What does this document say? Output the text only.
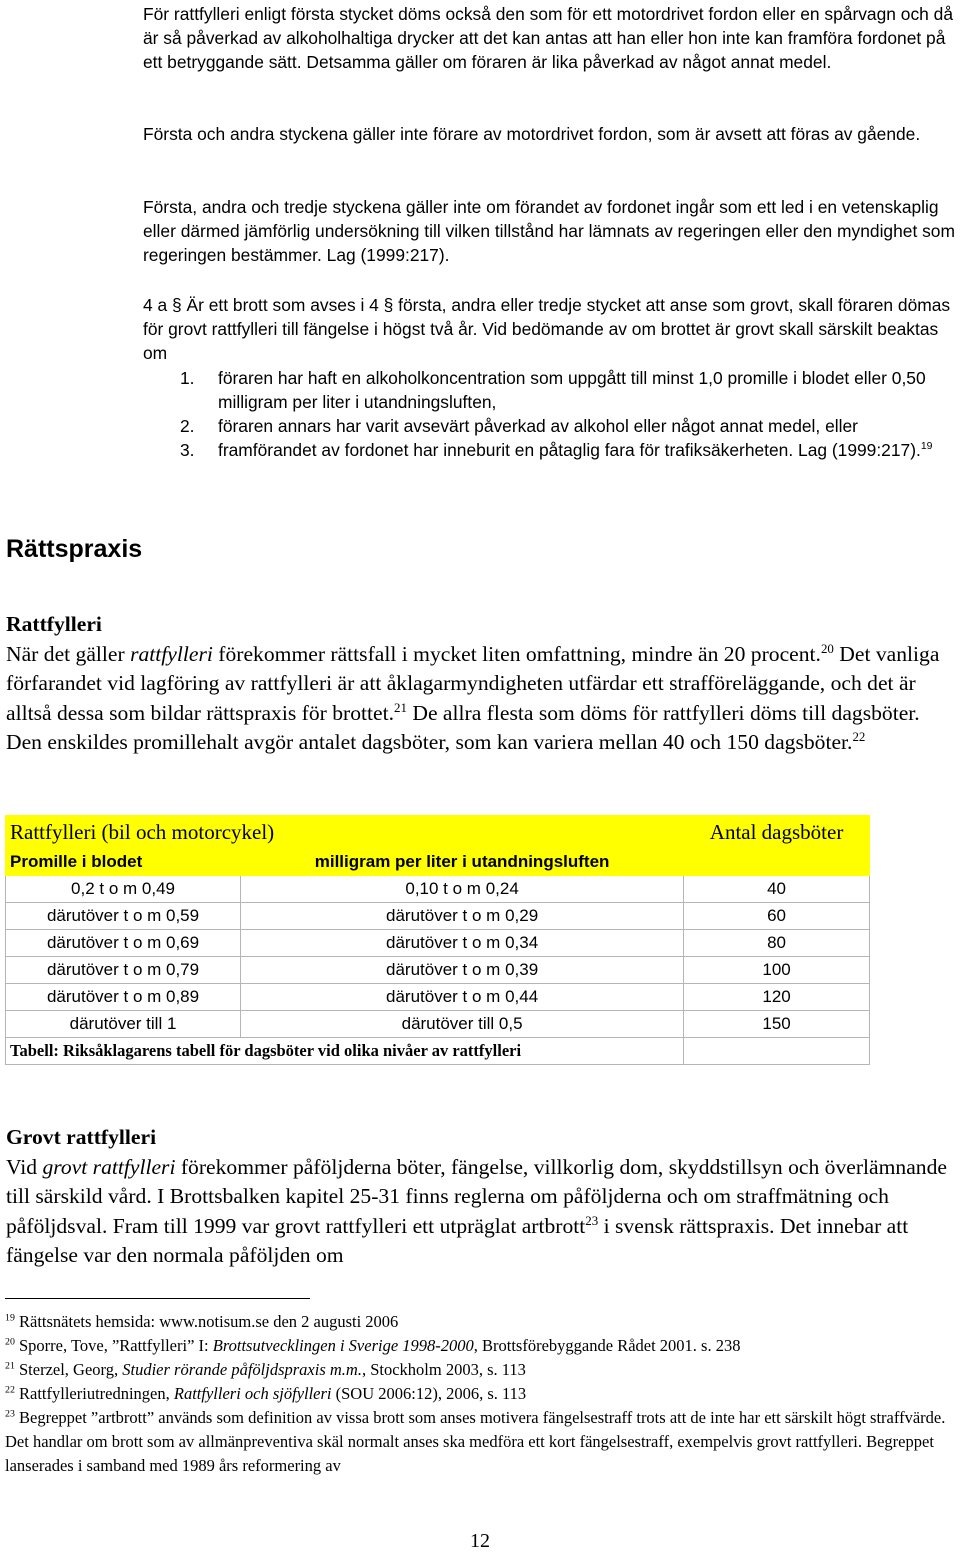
För rattfylleri enligt första stycket döms också den som för ett motordrivet fordon eller en spårvagn och då är så påverkad av alkoholhaltiga drycker att det kan antas att han eller hon inte kan framföra fordonet på ett betryggande sätt. Detsamma gäller om föraren är lika påverkad av något annat medel.

Första och andra styckena gäller inte förare av motordrivet fordon, som är avsett att föras av gående.

Första, andra och tredje styckena gäller inte om förandet av fordonet ingår som ett led i en vetenskaplig eller därmed jämförlig undersökning till vilken tillstånd har lämnats av regeringen eller den myndighet som regeringen bestämmer. Lag (1999:217).

4 a § Är ett brott som avses i 4 § första, andra eller tredje stycket att anse som grovt, skall föraren dömas för grovt rattfylleri till fängelse i högst två år. Vid bedömande av om brottet är grovt skall särskilt beaktas om

1. föraren har haft en alkoholkoncentration som uppgått till minst 1,0 promille i blodet eller 0,50 milligram per liter i utandningsluften,
2. föraren annars har varit avsevärt påverkad av alkohol eller något annat medel, eller
3. framförandet av fordonet har inneburit en påtaglig fara för trafiksäkerheten. Lag (1999:217).$^{19}$
Rättspraxis

Rattfylleri

När det gäller rattfylleri förekommer rättsfall i mycket liten omfattning, mindre än 20 procent.$^{20}$ Det vanliga förfarandet vid lagföring av rattfylleri är att åklagarmyndigheten utfärdar ett strafföreläggande, och det är alltså dessa som bildar rättspraxis för brottet.$^{21}$ De allra flesta som döms för rattfylleri döms till dagsböter. Den enskildes promillehalt avgör antalet dagsböter, som kan variera mellan 40 och 150 dagsböter.$^{22}$

Rattfylleri (bil och motorcykel)		Antal dagsböter
Promille i blodet	milligram per liter i utandningsluften	
0,2 t o m 0,49	0,10 t o m 0,24	40
därutöver t o m 0,59	därutöver t o m 0,29	60
därutöver t o m 0,69	därutöver t o m 0,34	80
därutöver t o m 0,79	därutöver t o m 0,39	100
därutöver t o m 0,89	därutöver t o m 0,44	120
därutöver till 1	därutöver till 0,5	150
Tabell: Riksåklagarens tabell för dagsböter vid olika nivåer av rattfylleri		

Grovt rattfylleri

Vid grovt rattfylleri förekommer påföljderna böter, fängelse, villkorlig dom, skyddstillsyn och överlämnande till särskild vård. I Brottsbalken kapitel 25-31 finns reglerna om påföljderna och om straffmätning och påföljdsval. Fram till 1999 var grovt rattfylleri ett utpräglat artbrott$^{23}$ i svensk rättspraxis. Det innebar att fängelse var den normala påföljden om

$^{19}$ Rättsnätets hemsida: www.notisum.se den 2 augusti 2006

$^{20}$ Sporre, Tove, ”Rattfylleri” I: Brottsutvecklingen i Sverige 1998-2000, Brottsförebyggande Rådet 2001. s. 238

$^{21}$ Sterzel, Georg, Studier rörande påföljdspraxis m.m., Stockholm 2003, s. 113

$^{22}$ Rattfylleriutredningen, Rattfylleri och sjöfylleri (SOU 2006:12), 2006, s. 113

$^{23}$ Begreppet ”artbrott” används som definition av vissa brott som anses motivera fängelsestraff trots att de inte har ett särskilt högt straffvärde. Det handlar om brott som av allmänpreventiva skäl normalt anses ska medföra ett kort fängelsestraff, exempelvis grovt rattfylleri. Begreppet lanserades i samband med 1989 års reformering av

12
